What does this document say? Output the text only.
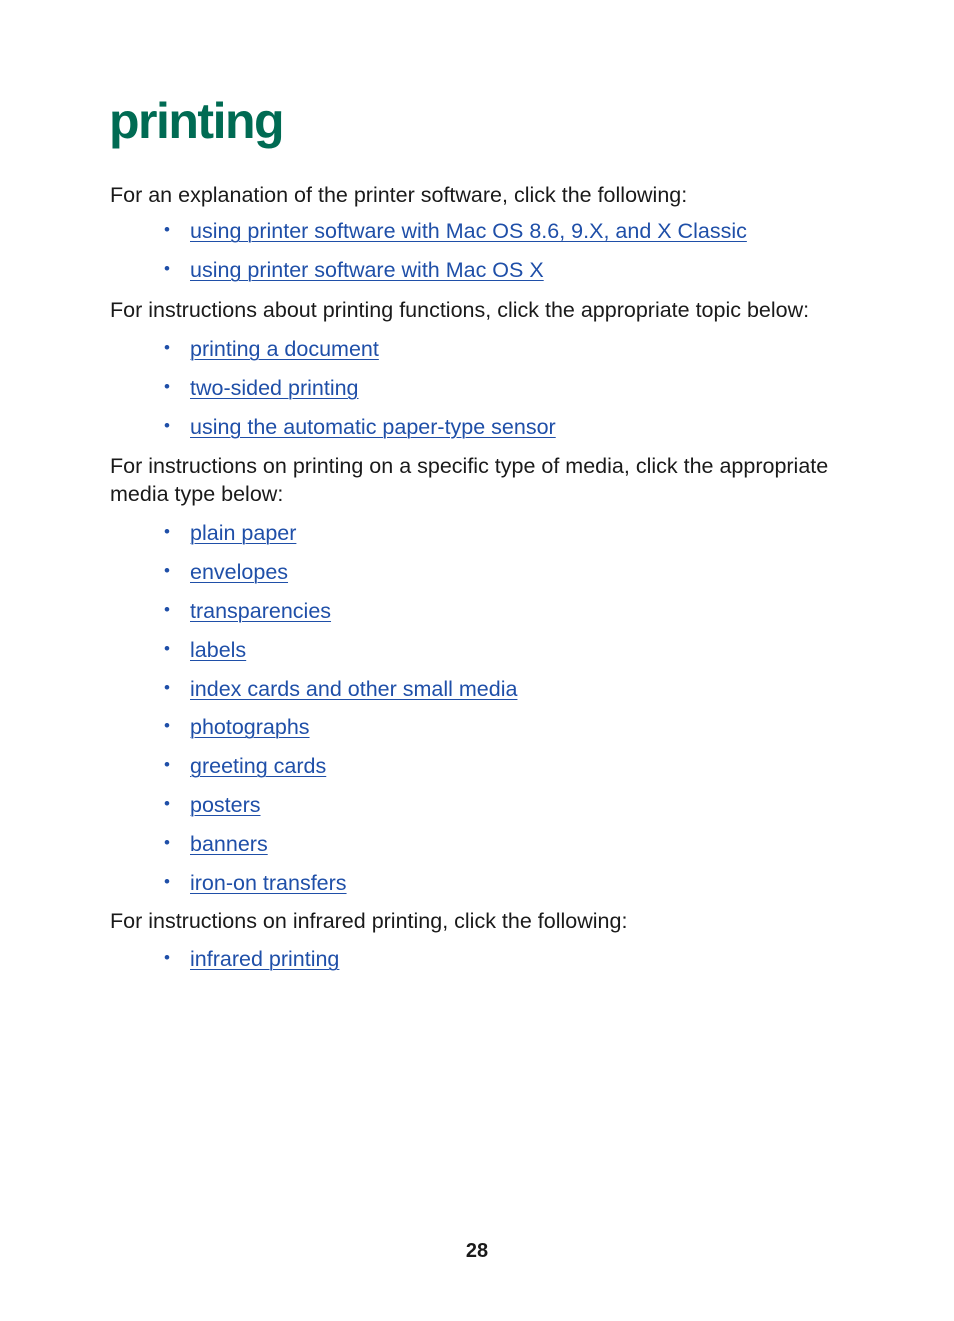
printing

For an explanation of the printer software, click the following:

• using printer software with Mac OS 8.6, 9.X, and X Classic
• using printer software with Mac OS X

For instructions about printing functions, click the appropriate topic below:

• printing a document
• two-sided printing
• using the automatic paper-type sensor

For instructions on printing on a specific type of media, click the appropriate media type below:

• plain paper
• envelopes
• transparencies
• labels
• index cards and other small media
• photographs
• greeting cards
• posters
• banners
• iron-on transfers

For instructions on infrared printing, click the following:

• infrared printing
28
